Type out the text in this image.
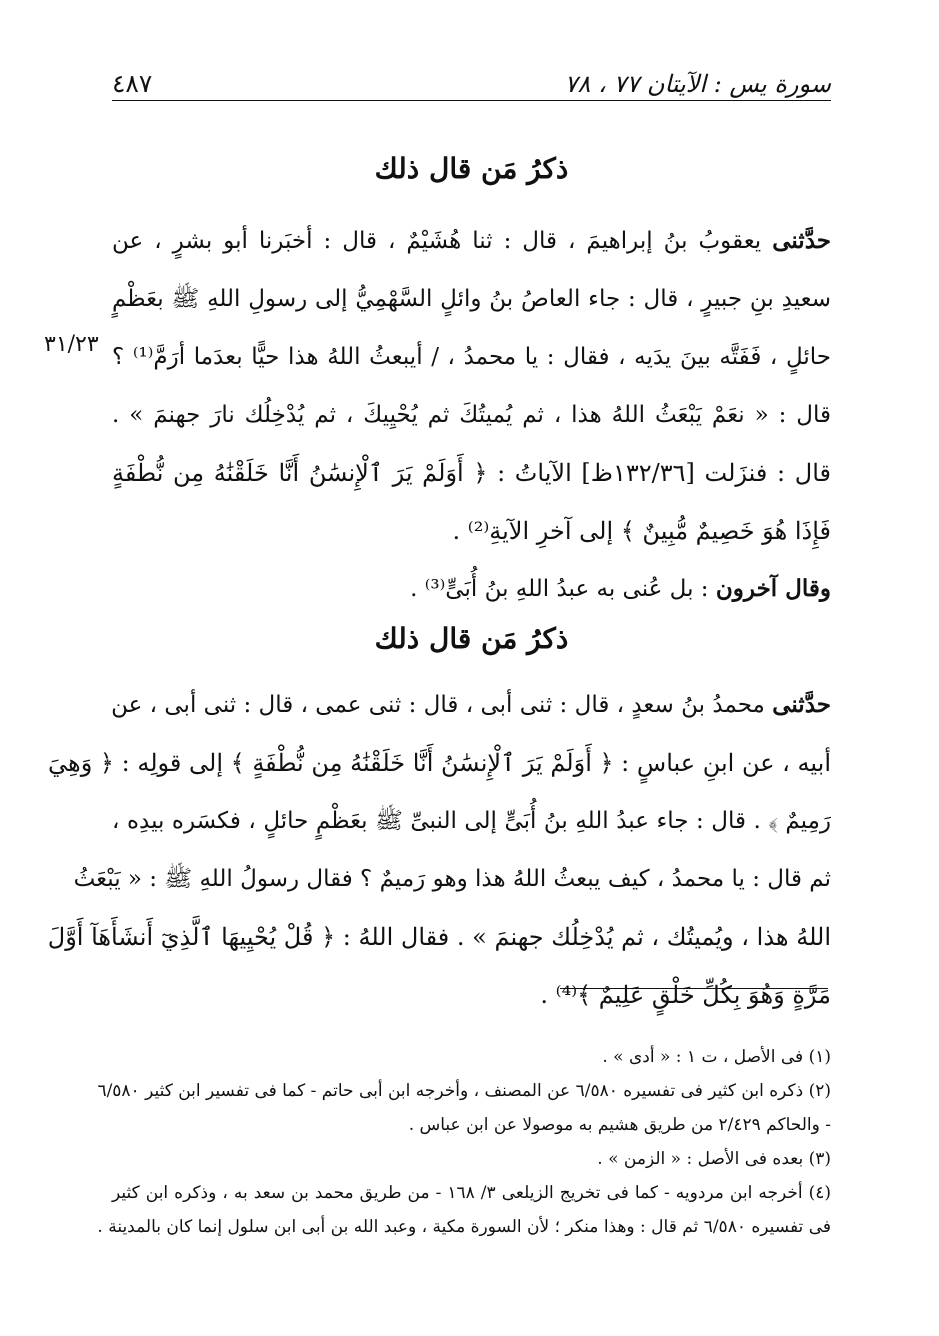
سورة يس : الآيتان ٧٧ ، ٧٨
٤٨٧
ذكرُ مَن قال ذلك
٣١/٢٣
حدَّثنى يعقوبُ بنُ إبراهيمَ ، قال : ثنا هُشَيْمٌ ، قال : أخبَرنا أبو بشرٍ ، عن
سعيدِ بنِ جبيرٍ ، قال : جاء العاصُ بنُ وائلٍ السَّهْمِيُّ إلى رسولِ اللهِ ﷺ بعَظْمٍ
حائلٍ ، فَفَتَّه بينَ يدَيه ، فقال : يا محمدُ ، / أيبعثُ اللهُ هذا حيًّا بعدَما أرَمَّ⁽¹⁾ ؟
قال : « نعَمْ يَبْعَثُ اللهُ هذا ، ثم يُميتُكَ ثم يُحْيِيكَ ، ثم يُدْخِلُك نارَ جهنمَ » .
قال : فنزَلت [١٣٢/٣٦ظ] الآياتُ : ﴿ أَوَلَمْ يَرَ ٱلْإِنسَٰنُ أَنَّا خَلَقْنَٰهُ مِن نُّطْفَةٍ
فَإِذَا هُوَ خَصِيمٌ مُّبِينٌ ﴾ إلى آخرِ الآيةِ⁽²⁾ .
وقال آخرون : بل عُنى به عبدُ اللهِ بنُ أُبَىٍّ⁽³⁾ .
ذكرُ مَن قال ذلك
حدَّثنى محمدُ بنُ سعدٍ ، قال : ثنى أبى ، قال : ثنى عمى ، قال : ثنى أبى ، عن
أبيه ، عن ابنِ عباسٍ : ﴿ أَوَلَمْ يَرَ ٱلْإِنسَٰنُ أَنَّا خَلَقْنَٰهُ مِن نُّطْفَةٍ ﴾ إلى قولِه : ﴿ وَهِيَ
رَمِيمٌ ﴾ . قال : جاء عبدُ اللهِ بنُ أُبَىٍّ إلى النبىِّ ﷺ بعَظْمٍ حائلٍ ، فكسَره بيدِه ،
ثم قال : يا محمدُ ، كيف يبعثُ اللهُ هذا وهو رَميمٌ ؟ فقال رسولُ اللهِ ﷺ : « يَبْعَثُ
اللهُ هذا ، ويُميتُك ، ثم يُدْخِلُك جهنمَ » . فقال اللهُ : ﴿ قُلْ يُحْيِيهَا ٱلَّذِيٓ أَنشَأَهَآ أَوَّلَ
مَرَّةٍ وَهُوَ بِكُلِّ خَلْقٍ عَلِيمٌ ﴾⁽⁴⁾ .
(١) فى الأصل ، ت ١ : « أدى » .
(٢) ذكره ابن كثير فى تفسيره ٦/٥٨٠ عن المصنف ، وأخرجه ابن أبى حاتم - كما فى تفسير ابن كثير ٦/٥٨٠
- والحاكم ٢/٤٢٩ من طريق هشيم به موصولا عن ابن عباس .
(٣) بعده فى الأصل : « الزمن » .
(٤) أخرجه ابن مردويه - كما فى تخريج الزيلعى ٣/ ١٦٨ - من طريق محمد بن سعد به ، وذكره ابن كثير
فى تفسيره ٦/٥٨٠ ثم قال : وهذا منكر ؛ لأن السورة مكية ، وعبد الله بن أبى ابن سلول إنما كان بالمدينة .
